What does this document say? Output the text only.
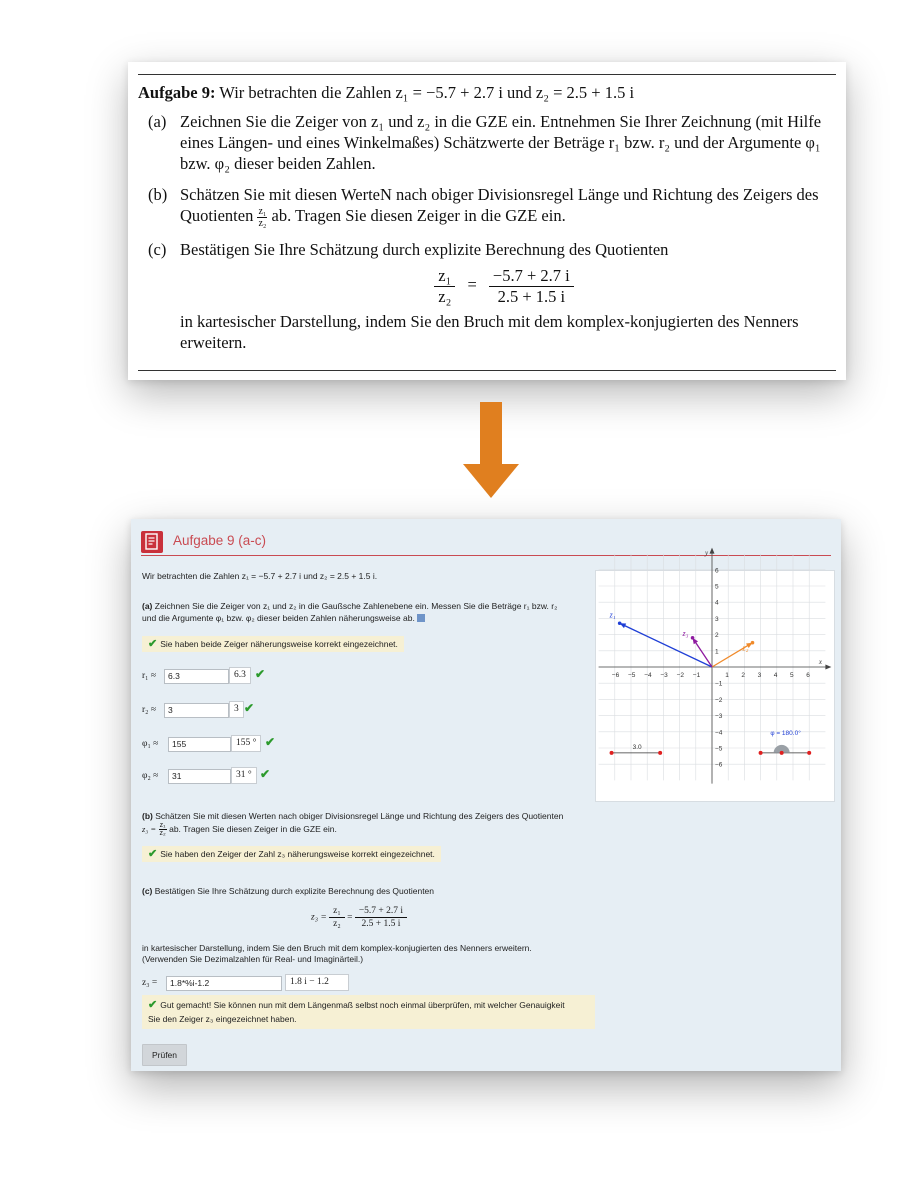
Aufgabe 9: Wir betrachten die Zahlen z₁ = −5.7 + 2.7 i und z₂ = 2.5 + 1.5 i
(a) Zeichnen Sie die Zeiger von z₁ und z₂ in die GZE ein. Entnehmen Sie Ihrer Zeichnung (mit Hilfe eines Längen- und eines Winkelmaßes) Schätzwerte der Beträge r₁ bzw. r₂ und der Argumente φ₁ bzw. φ₂ dieser beiden Zahlen.
(b) Schätzen Sie mit diesen WerteN nach obiger Divisionsregel Länge und Richtung des Zeigers des Quotienten $\frac{\text{z₁}}{\text{z₂}}$ ab. Tragen Sie diesen Zeiger in die GZE ein.
(c) Bestätigen Sie Ihre Schätzung durch explizite Berechnung des Quotienten
$\frac{\text{z₁}}{\text{z₂}} = \frac{-5.7 + 2.7 i}{2.5 + 1.5 i}$
in kartesischer Darstellung, indem Sie den Bruch mit dem komplex-konjugierten des Nenners erweitern.
Aufgabe 9 (a-c)
Wir betrachten die Zahlen z₁ = −5.7 + 2.7 i und z₂ = 2.5 + 1.5 i.
(a) Zeichnen Sie die Zeiger von z₁ und z₂ in die Gaußsche Zahlenebene ein. Messen Sie die Beträge r₁ bzw. r₂
und die Argumente φ₁ bzw. φ₂ dieser beiden Zahlen näherungsweise ab.
✔ Sie haben beide Zeiger näherungsweise korrekt eingezeichnet.
r₁ ≈	6.3	6.3 ✔
r₂ ≈	3	3 ✔
φ₁ ≈	155	155 ° ✔
φ₂ ≈	31	31 ° ✔
(b) Schätzen Sie mit diesen Werten nach obiger Divisionsregel Länge und Richtung des Zeigers des Quotienten
$z_3 = \frac{\text{z₁}}{\text{z₂}}$ ab. Tragen Sie diesen Zeiger in die GZE ein.
✔ Sie haben den Zeiger der Zahl z₃ näherungsweise korrekt eingezeichnet.
(c) Bestätigen Sie Ihre Schätzung durch explizite Berechnung des Quotienten
$z_3 = \frac{\text{z₁}}{\text{z₂}} = \frac{-5.7 + 2.7 i}{2.5 + 1.5 i}$
in kartesischer Darstellung, indem Sie den Bruch mit dem komplex-konjugierten des Nenners erweitern.
(Verwenden Sie Dezimalzahlen für Real- und Imaginärteil.)
z₃ =	1.8*%i-1.2	1.8 i − 1.2
✔ Gut gemacht! Sie können nun mit dem Längenmaß selbst noch einmal überprüfen, mit welcher Genauigkeit
Sie den Zeiger z₃ eingezeichnet haben.
Prüfen
x
y
−6 −5 −4 −3 −2 −1	1 2 3 4 5 6
6
5
4
3
2
1
−1
−2
−3
−4
−5
−6
z₁
z₂
z₃
3.0
φ = 180.0°
